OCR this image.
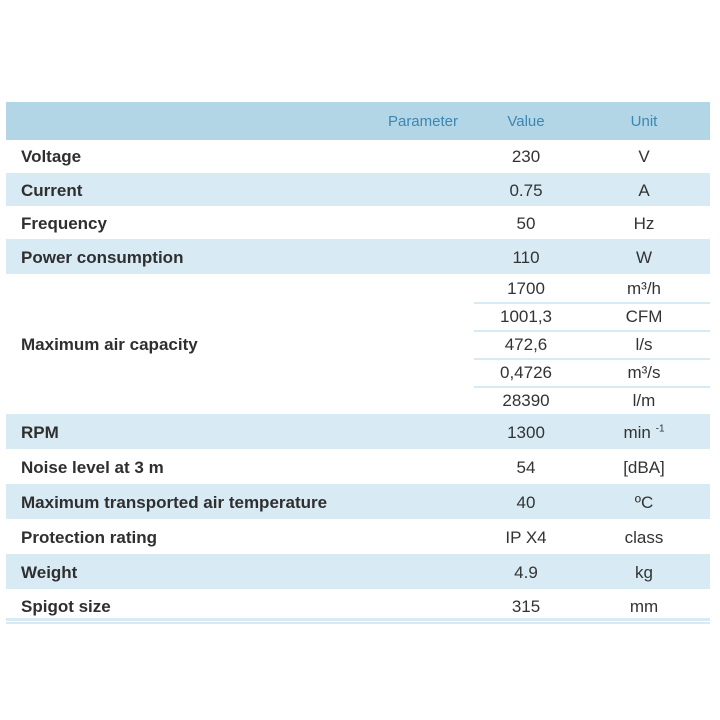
Parameter	Value	Unit
Voltage	230	V
Current	0.75	A
Frequency	50	Hz
Power consumption	110	W
Maximum air capacity	1700	m³/h
	1001,3	CFM
	472,6	l/s
	0,4726	m³/s
	28390	l/m
RPM	1300	min $^{-1}$
Noise level at 3 m	54	[dBA]
Maximum transported air temperature	40	ºC
Protection rating	IP X4	class
Weight	4.9	kg
Spigot size	315	mm
